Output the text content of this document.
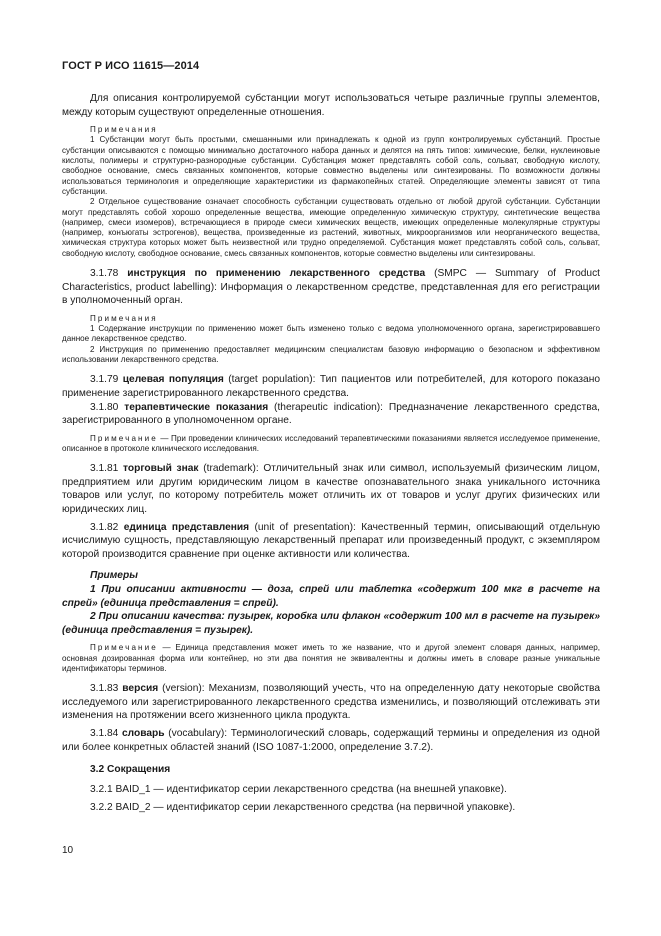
ГОСТ Р ИСО 11615—2014

Для описания контролируемой субстанции могут использоваться четыре различные группы элементов, между которым существуют определенные отношения.

Примечания

1 Субстанции могут быть простыми, смешанными или принадлежать к одной из групп контролируемых субстанций. Простые субстанции описываются с помощью минимально достаточного набора данных и делятся на пять типов: химические, белки, нуклеиновые кислоты, полимеры и структурно-разнородные субстанции. Субстанция может представлять собой соль, сольват, свободную кислоту, свободное основание, смесь связанных компонентов, которые совместно выделены или синтезированы. По возможности должны использоваться терминология и определяющие характеристики из фармакопейных статей. Определяющие элементы зависят от типа субстанции.

2 Отдельное существование означает способность субстанции существовать отдельно от любой другой субстанции. Субстанции могут представлять собой хорошо определенные вещества, имеющие определенную химическую структуру, синтетические вещества (например, смеси изомеров), встречающиеся в природе смеси химических веществ, имеющих определенные молекулярные структуры (например, конъюгаты эстрогенов), вещества, произведенные из растений, животных, микроорганизмов или неорганического вещества, химическая структура которых может быть неизвестной или трудно определяемой. Субстанция может представлять собой соль, сольват, свободную кислоту, свободное основание, смесь связанных компонентов, которые совместно выделены или синтезированы.

3.1.78 инструкция по применению лекарственного средства (SMPC — Summary of Product Characteristics, product labelling): Информация о лекарственном средстве, представленная для его регистрации в уполномоченный орган.

Примечания

1 Содержание инструкции по применению может быть изменено только с ведома уполномоченного органа, зарегистрировавшего данное лекарственное средство.

2 Инструкция по применению предоставляет медицинским специалистам базовую информацию о безопасном и эффективном использовании лекарственного средства.

3.1.79 целевая популяция (target population): Тип пациентов или потребителей, для которого показано применение зарегистрированного лекарственного средства.

3.1.80 терапевтические показания (therapeutic indication): Предназначение лекарственного средства, зарегистрированного в уполномоченном органе.

Примечание — При проведении клинических исследований терапевтическими показаниями является исследуемое применение, описанное в протоколе клинического исследования.

3.1.81 торговый знак (trademark): Отличительный знак или символ, используемый физическим лицом, предприятием или другим юридическим лицом в качестве опознавательного знака уникального источника товаров или услуг, по которому потребитель может отличить их от товаров и услуг других физических или юридических лиц.

3.1.82 единица представления (unit of presentation): Качественный термин, описывающий отдельную исчислимую сущность, представляющую лекарственный препарат или произведенный продукт, с экземпляром которой производится сравнение при оценке активности или количества.

Примеры

1 При описании активности — доза, спрей или таблетка «содержит 100 мкг в расчете на спрей» (единица представления = спрей).

2 При описании качества: пузырек, коробка или флакон «содержит 100 мл в расчете на пузырек» (единица представления = пузырек).

Примечание — Единица представления может иметь то же название, что и другой элемент словаря данных, например, основная дозированная форма или контейнер, но эти два понятия не эквивалентны и должны иметь в словаре разные уникальные идентификаторы терминов.

3.1.83 версия (version): Механизм, позволяющий учесть, что на определенную дату некоторые свойства исследуемого или зарегистрированного лекарственного средства изменились, и позволяющий отслеживать эти изменения на протяжении всего жизненного цикла продукта.

3.1.84 словарь (vocabulary): Терминологический словарь, содержащий термины и определения из одной или более конкретных областей знаний (ISO 1087-1:2000, определение 3.7.2).

3.2 Сокращения

3.2.1 BAID_1 — идентификатор серии лекарственного средства (на внешней упаковке).

3.2.2 BAID_2 — идентификатор серии лекарственного средства (на первичной упаковке).

10
